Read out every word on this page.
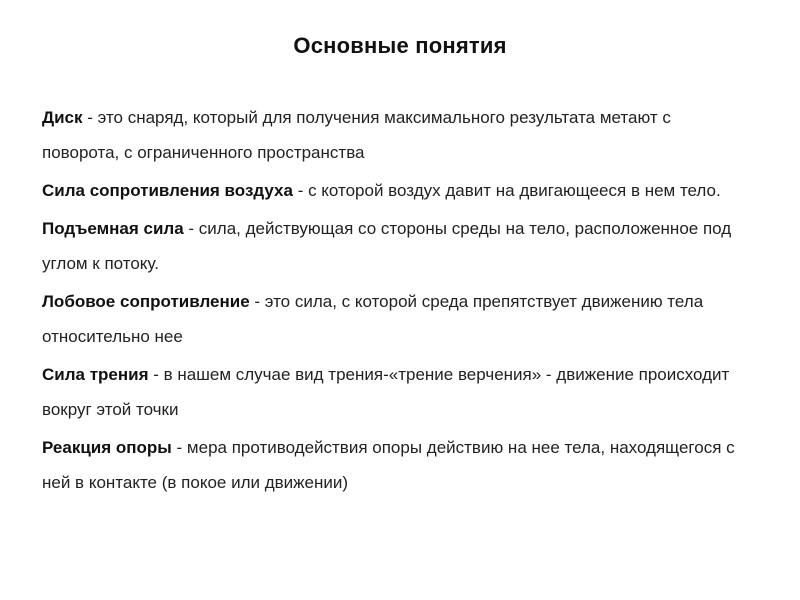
Основные понятия
Диск - это снаряд, который для получения максимального результата метают с поворота, с ограниченного пространства
Сила сопротивления воздуха - с которой воздух давит на двигающееся в нем тело.
Подъемная сила - сила, действующая со стороны среды на тело, расположенное под углом к потоку.
Лобовое сопротивление - это сила, с которой среда препятствует движению тела относительно нее
Сила трения - в нашем случае вид трения-«трение верчения» - движение происходит вокруг этой точки
Реакция опоры - мера противодействия опоры действию на нее тела, находящегося с ней в контакте (в покое или движении)
